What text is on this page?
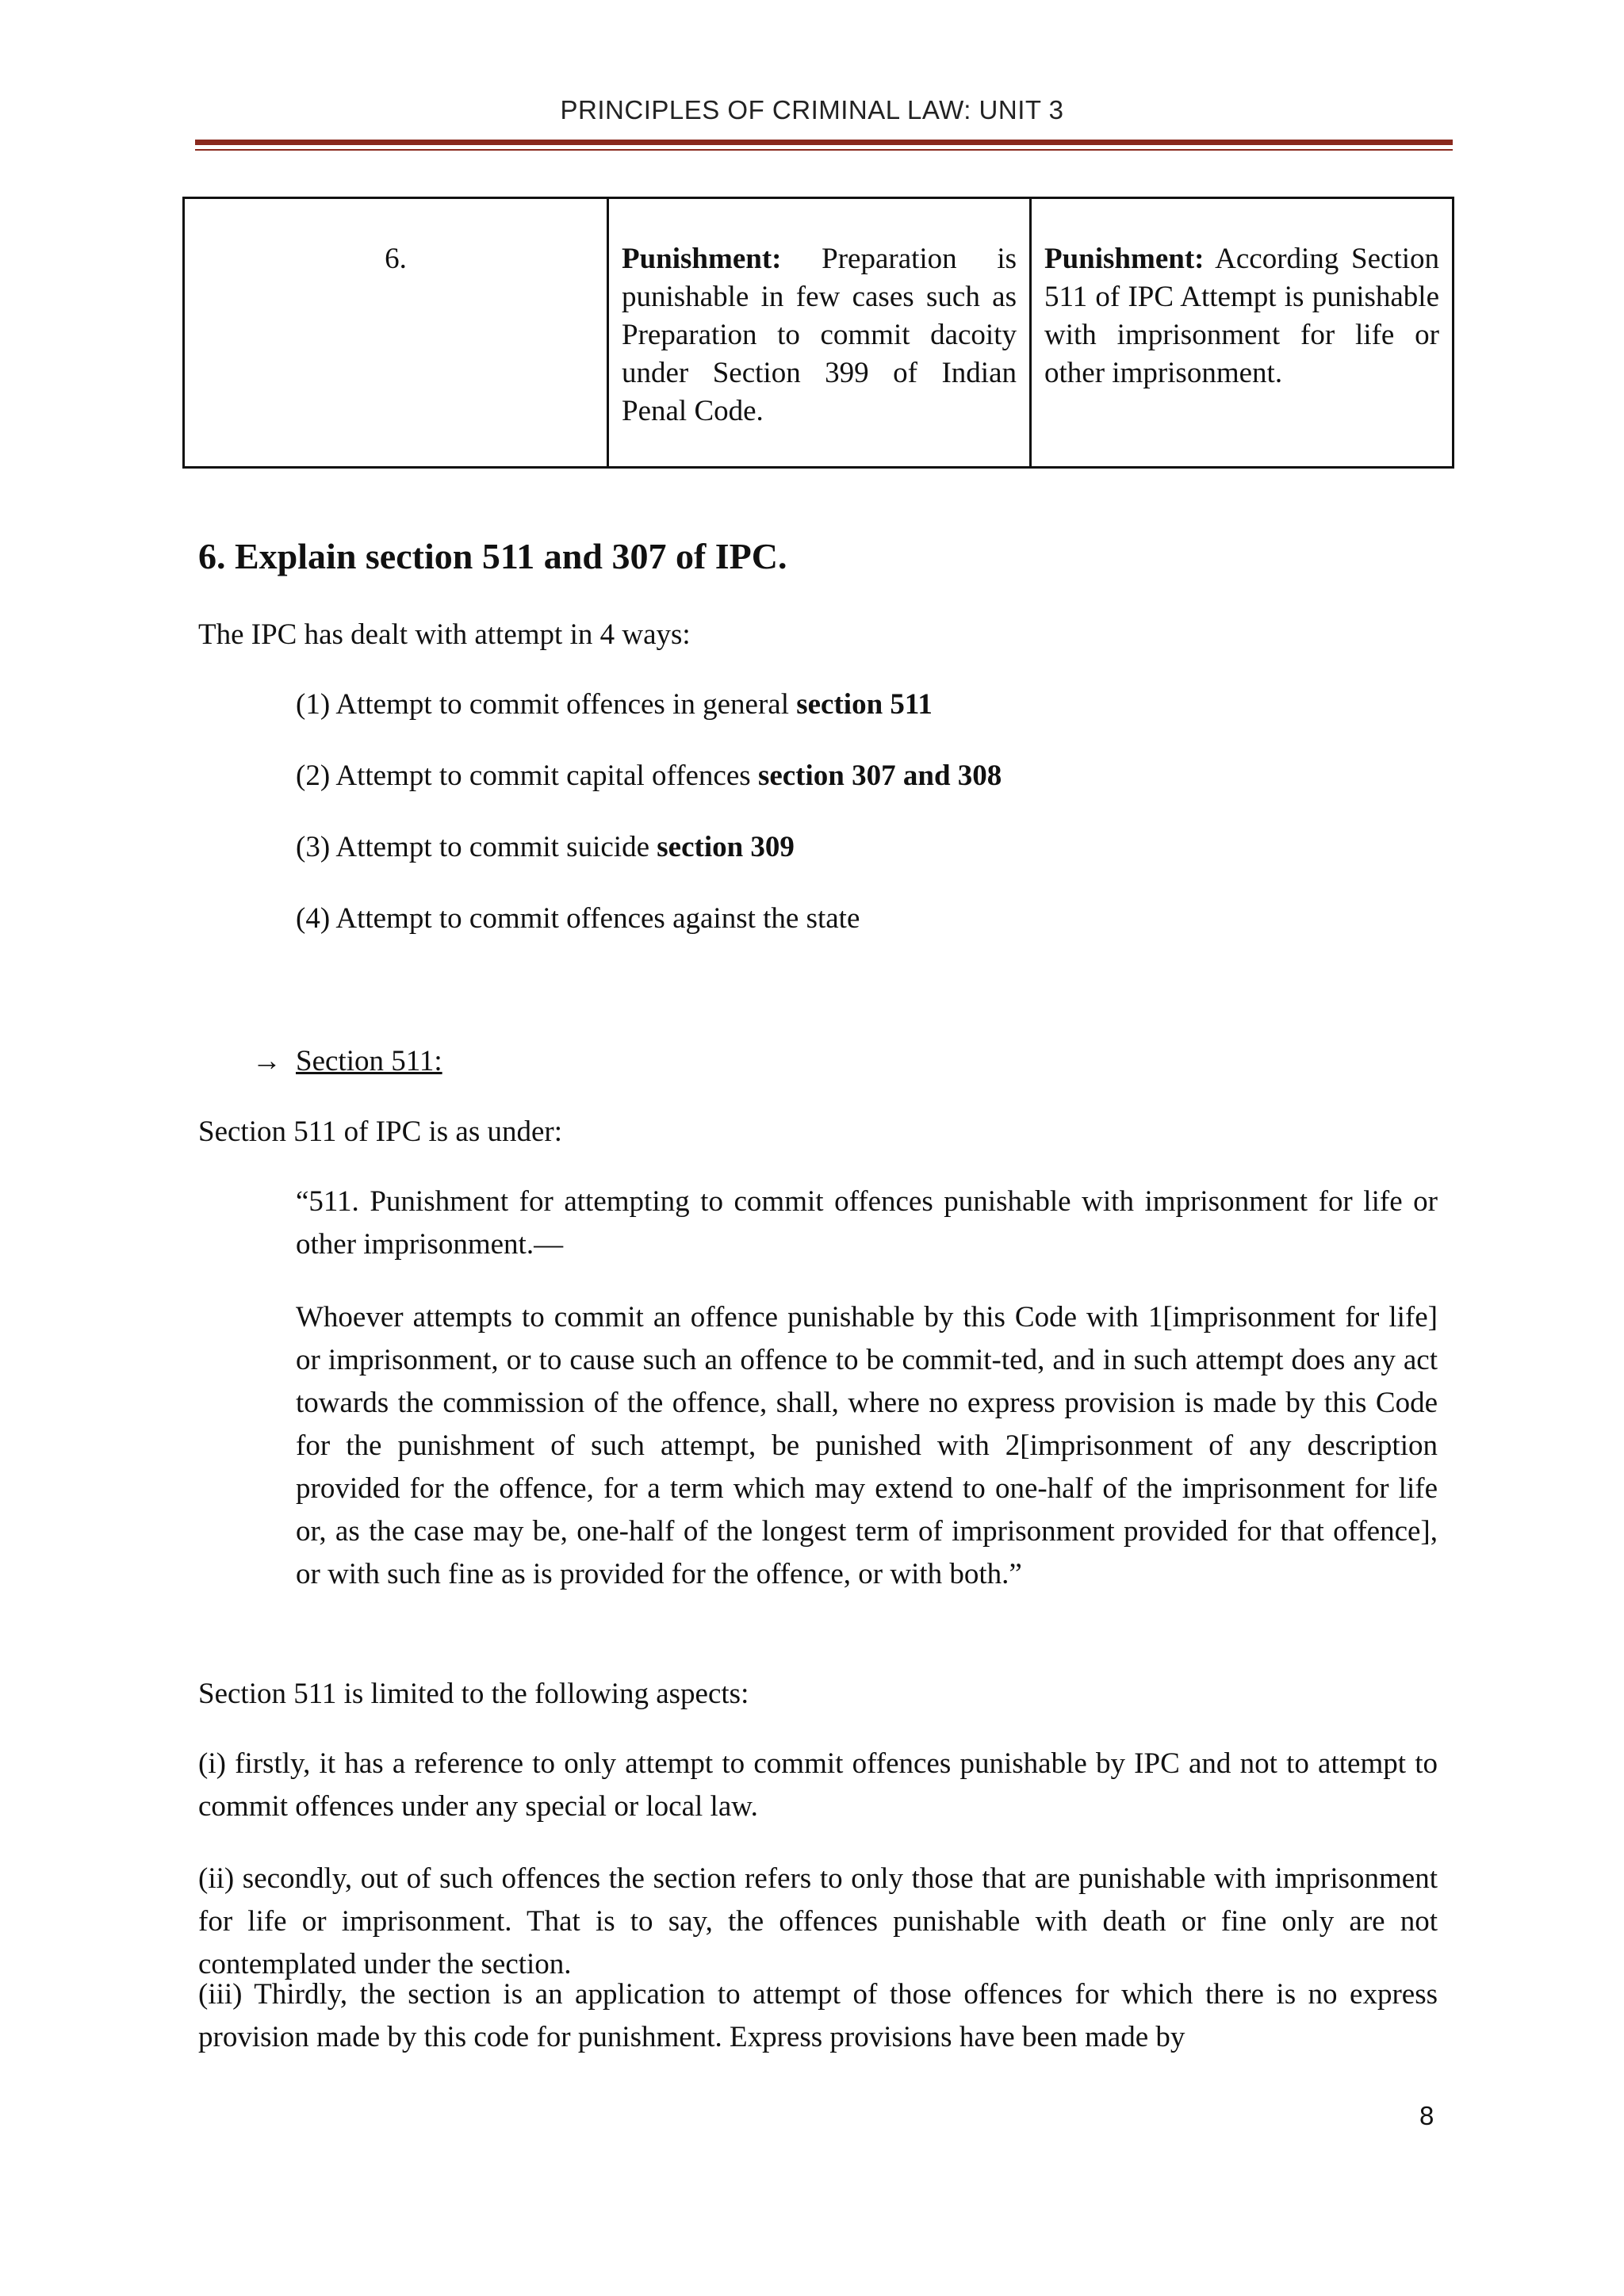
PRINCIPLES OF CRIMINAL LAW: UNIT 3
6.	Punishment: Preparation is punishable in few cases such as Preparation to commit dacoity under Section 399 of Indian Penal Code.	Punishment: According Section 511 of IPC Attempt is punishable with imprisonment for life or other imprisonment.
6. Explain section 511 and 307 of IPC.
The IPC has dealt with attempt in 4 ways:
(1) Attempt to commit offences in general section 511
(2) Attempt to commit capital offences section 307 and 308
(3) Attempt to commit suicide section 309
(4) Attempt to commit offences against the state
→ Section 511:
Section 511 of IPC is as under:
“511. Punishment for attempting to commit offences punishable with imprisonment for life or other imprisonment.—
Whoever attempts to commit an offence punishable by this Code with 1[imprisonment for life] or imprisonment, or to cause such an offence to be commit-ted, and in such attempt does any act towards the commission of the offence, shall, where no express provision is made by this Code for the punishment of such attempt, be punished with 2[imprisonment of any description provided for the offence, for a term which may extend to one-half of the imprisonment for life or, as the case may be, one-half of the longest term of imprisonment provided for that offence], or with such fine as is provided for the offence, or with both.”
Section 511 is limited to the following aspects:
(i) firstly, it has a reference to only attempt to commit offences punishable by IPC and not to attempt to commit offences under any special or local law.
(ii) secondly, out of such offences the section refers to only those that are punishable with imprisonment for life or imprisonment. That is to say, the offences punishable with death or fine only are not contemplated under the section.
(iii) Thirdly, the section is an application to attempt of those offences for which there is no express provision made by this code for punishment. Express provisions have been made by
8
